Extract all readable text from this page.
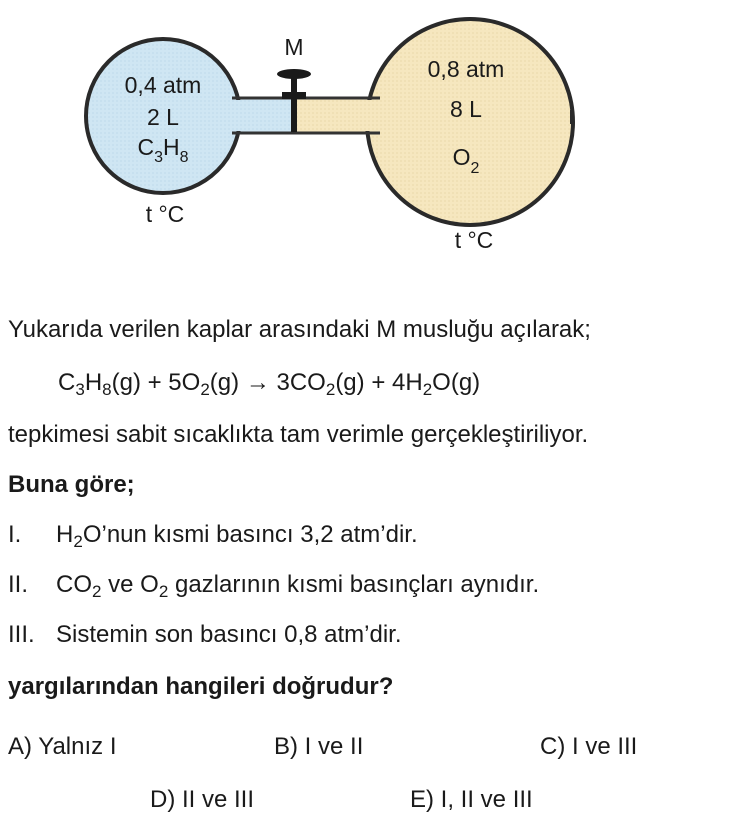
M
0,4 atm
2 L
$C_3H_8$
t °C
0,8 atm
8 L
$O_2$
t °C
Yukarıda verilen kaplar arasındaki M musluğu açılarak;
$C_3H_8(g) + 5O_2(g) \to 3CO_2(g) + 4H_2O(g)$
tepkimesi sabit sıcaklıkta tam verimle gerçekleştiriliyor.
Buna göre;
I. $H_2O’nun$ kısmi basıncı 3,2 atm’dir.
II. $CO_2$ ve $O_2$ gazlarının kısmi basınçları aynıdır.
III. Sistemin son basıncı 0,8 atm’dir.
yargılarından hangileri doğrudur?
A) Yalnız I	B) I ve II	C) I ve III
D) II ve III	E) I, II ve III
